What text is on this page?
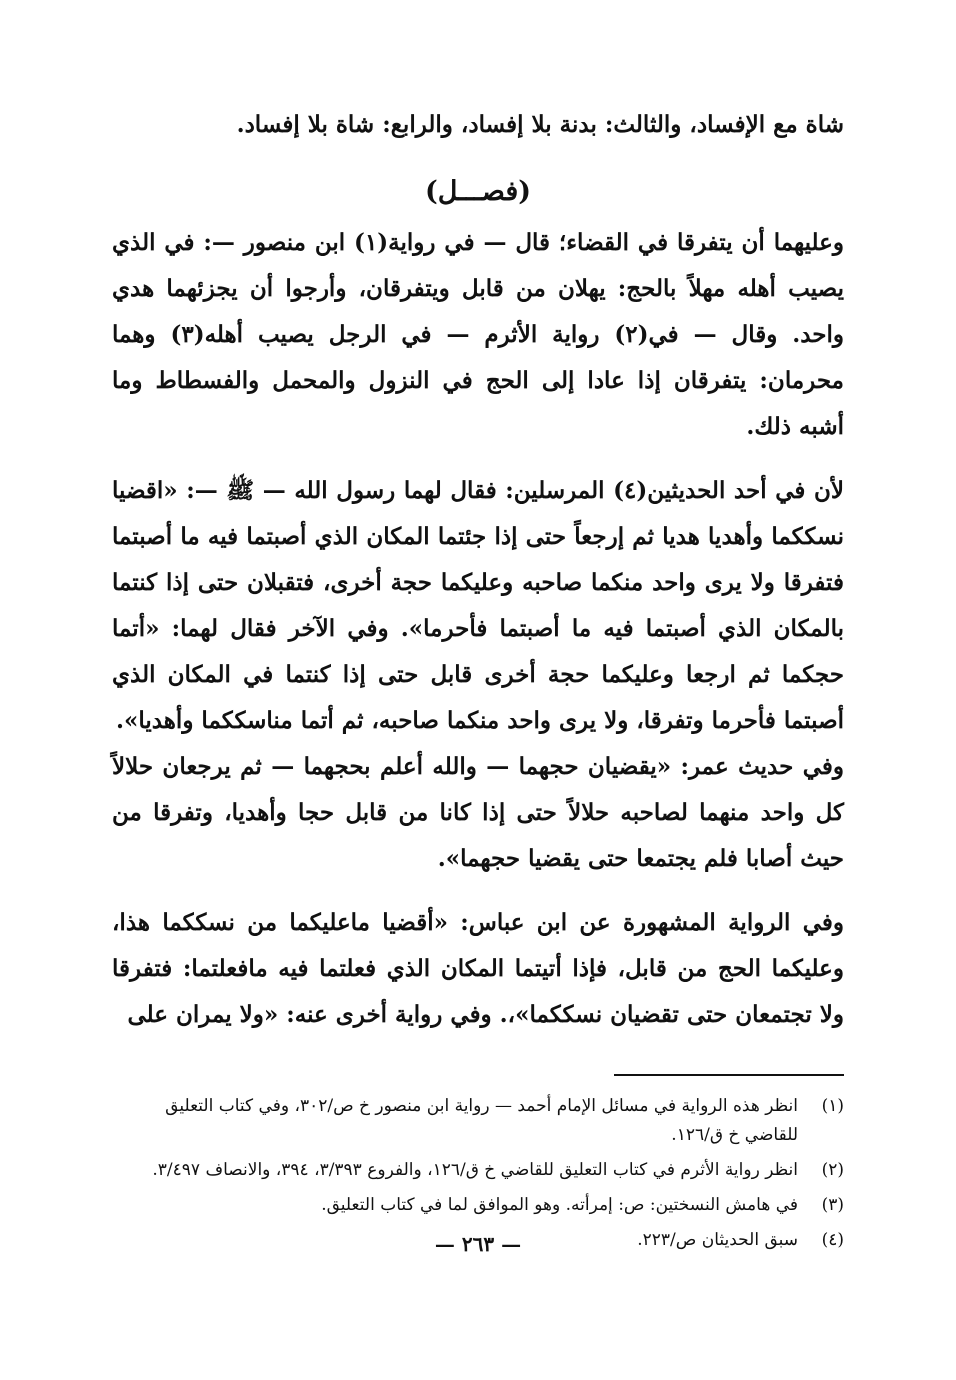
شاة مع الإفساد، والثالث: بدنة بلا إفساد، والرابع: شاة بلا إفساد.

(فصـــل)

وعليهما أن يتفرقا في القضاء؛ قال — في رواية(١) ابن منصور —: في الذي يصيب أهله مهلاً بالحج: يهلان من قابل ويتفرقان، وأرجوا أن يجزئهما هدي واحد. وقال — في(٢) رواية الأثرم — في الرجل يصيب أهله(٣) وهما محرمان: يتفرقان إذا عادا إلى الحج في النزول والمحمل والفسطاط وما أشبه ذلك.

لأن في أحد الحديثين(٤) المرسلين: فقال لهما رسول الله — ﷺ —: «اقضيا نسككما وأهديا هديا ثم إرجعاً حتى إذا جئتما المكان الذي أصبتما فيه ما أصبتما فتفرقا ولا يرى واحد منكما صاحبه وعليكما حجة أخرى، فتقبلان حتى إذا كنتما بالمكان الذي أصبتما فيه ما أصبتما فأحرما». وفي الآخر فقال لهما: «أتما حجكما ثم ارجعا وعليكما حجة أخرى قابل حتى إذا كنتما في المكان الذي أصبتما فأحرما وتفرقا، ولا يرى واحد منكما صاحبه، ثم أتما مناسككما وأهديا».

وفي حديث عمر: «يقضيان حجهما — والله أعلم بحجهما — ثم يرجعان حلالاً كل واحد منهما لصاحبه حلالاً حتى إذا كانا من قابل حجا وأهديا، وتفرقا من حيث أصابا فلم يجتمعا حتى يقضيا حجهما».

وفي الرواية المشهورة عن ابن عباس: «أقضيا ماعليكما من نسككما هذا، وعليكما الحج من قابل، فإذا أتيتما المكان الذي فعلتما فيه مافعلتما: فتفرقا ولا تجتمعان حتى تقضيان نسككما»،. وفي رواية أخرى عنه: «ولا يمران على

(١)
انظر هذه الرواية في مسائل الإمام أحمد — رواية ابن منصور خ ص/٣٠٢، وفي كتاب التعليق للقاضي خ ق/١٢٦.
(٢)
انظر رواية الأثرم في كتاب التعليق للقاضي خ ق/١٢٦، والفروع ٣/٣٩٣، ٣٩٤، والانصاف ٣/٤٩٧.
(٣)
في هامش النسختين: ص: إمرأته. وهو الموافق لما في كتاب التعليق.
(٤)
سبق الحديثان ص/٢٢٣.
— ٢٦٣ —
